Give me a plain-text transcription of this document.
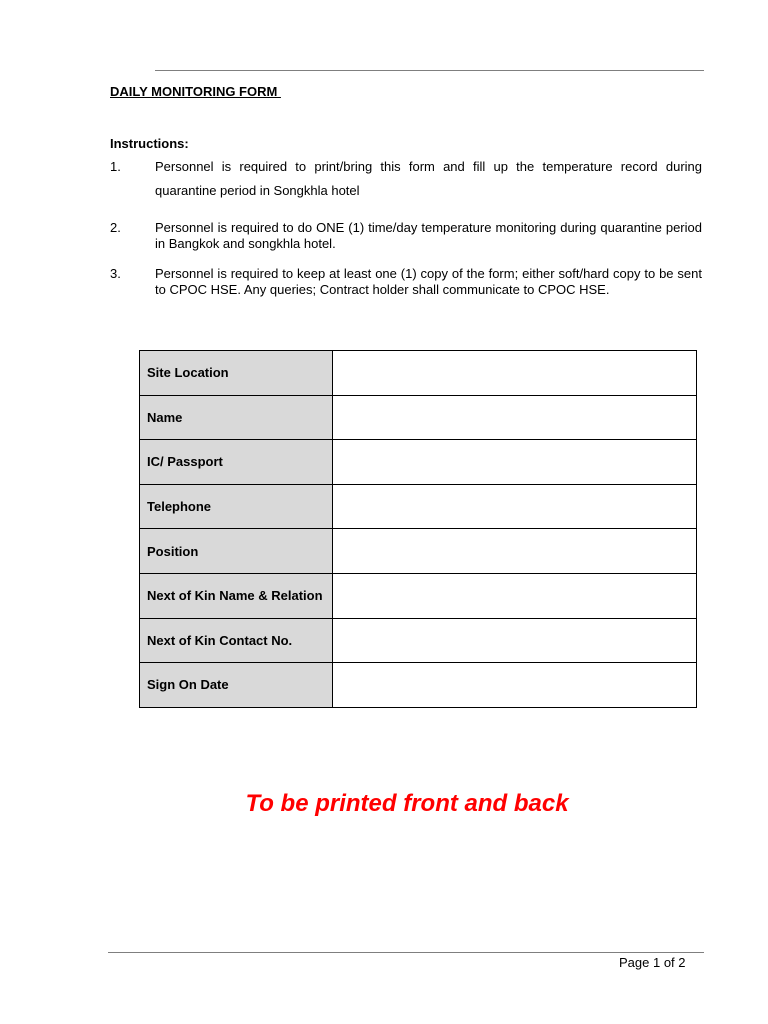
DAILY MONITORING FORM
Instructions:
1.	Personnel is required to print/bring this form and fill up the temperature record during quarantine period in Songkhla hotel
2.	Personnel is required to do ONE (1) time/day temperature monitoring during quarantine period in Bangkok and songkhla hotel.
3.	Personnel is required to keep at least one (1) copy of the form; either soft/hard copy to be sent to CPOC HSE. Any queries; Contract holder shall communicate to CPOC HSE.
Site Location	
Name	
IC/ Passport	
Telephone	
Position	
Next of Kin Name & Relation	
Next of Kin Contact No.	
Sign On Date	
To be printed front and back
Page 1 of 2
